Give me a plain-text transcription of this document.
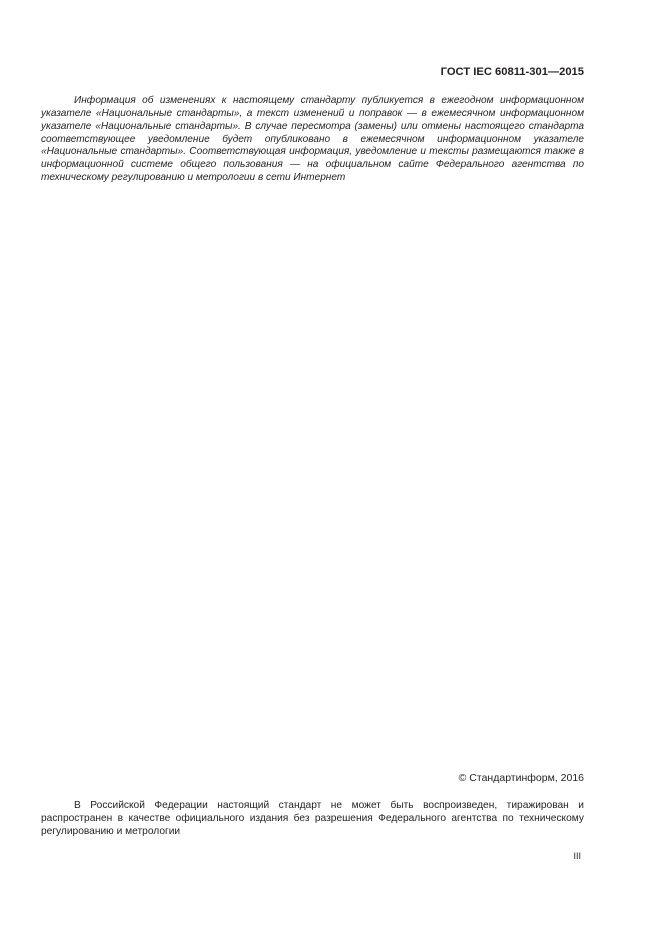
ГОСТ IEC 60811-301—2015

Информация об изменениях к настоящему стандарту публикуется в ежегодном информационном указателе «Национальные стандарты», а текст изменений и поправок — в ежемесячном информационном указателе «Национальные стандарты». В случае пересмотра (замены) или отмены настоящего стандарта соответствующее уведомление будет опубликовано в ежемесячном информационном указателе «Национальные стандарты». Соответствующая информация, уведомление и тексты размещаются также в информационной системе общего пользования — на официальном сайте Федерального агентства по техническому регулированию и метрологии в сети Интернет

© Стандартинформ, 2016

В Российской Федерации настоящий стандарт не может быть воспроизведен, тиражирован и распространен в качестве официального издания без разрешения Федерального агентства по техническому регулированию и метрологии

III
